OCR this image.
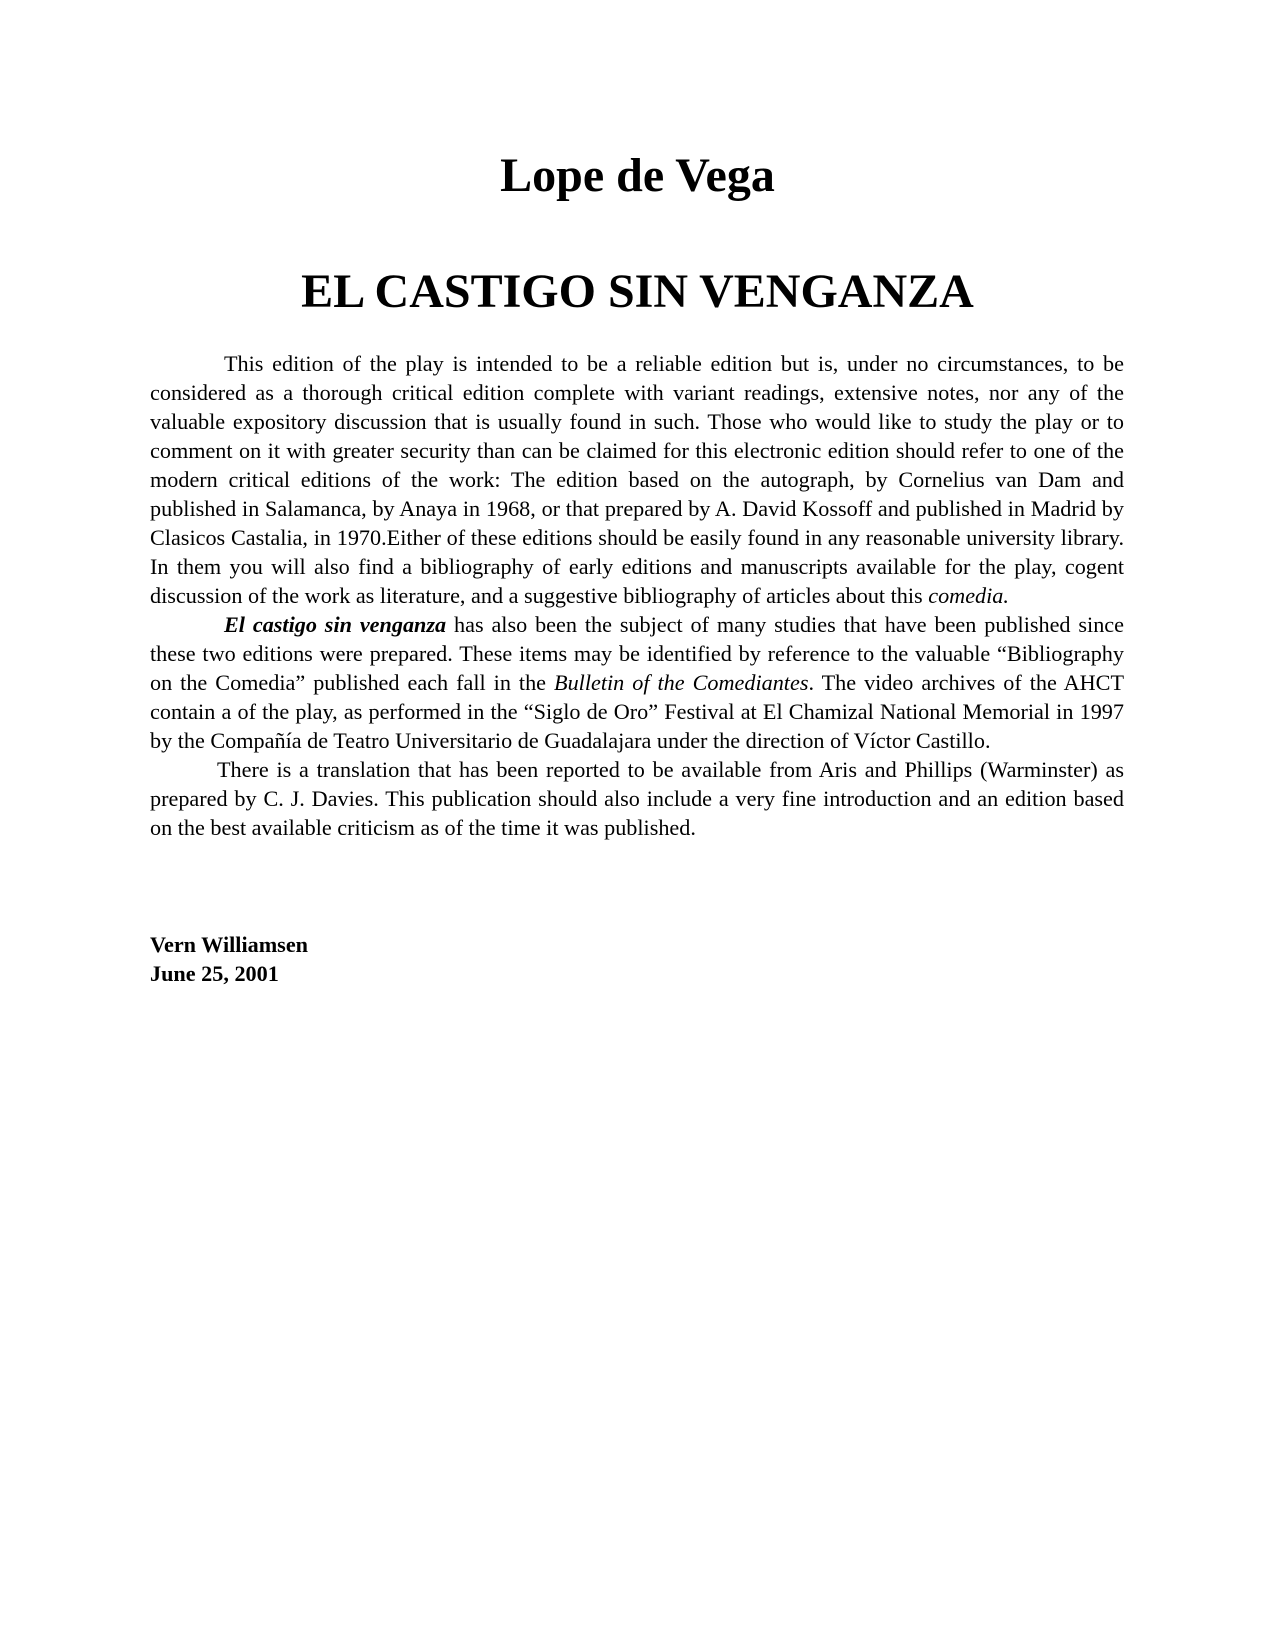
Lope de Vega
EL CASTIGO SIN VENGANZA

This edition of the play is intended to be a reliable edition but is, under no circumstances, to be considered as a thorough critical edition complete with variant readings, extensive notes, nor any of the valuable expository discussion that is usually found in such. Those who would like to study the play or to comment on it with greater security than can be claimed for this electronic edition should refer to one of the modern critical editions of the work: The edition based on the autograph, by Cornelius van Dam and published in Salamanca, by Anaya in 1968, or that prepared by A. David Kossoff and published in Madrid by Clasicos Castalia, in 1970.Either of these editions should be easily found in any reasonable university library. In them you will also find a bibliography of early editions and manuscripts available for the play, cogent discussion of the work as literature, and a suggestive bibliography of articles about this comedia.

El castigo sin venganza has also been the subject of many studies that have been published since these two editions were prepared. These items may be identified by reference to the valuable “Bibliography on the Comedia” published each fall in the Bulletin of the Comediantes. The video archives of the AHCT contain a of the play, as performed in the “Siglo de Oro” Festival at El Chamizal National Memorial in 1997 by the Compañía de Teatro Universitario de Guadalajara under the direction of Víctor Castillo.

There is a translation that has been reported to be available from Aris and Phillips (Warminster) as prepared by C. J. Davies. This publication should also include a very fine introduction and an edition based on the best available criticism as of the time it was published.

Vern Williamsen
June 25, 2001
